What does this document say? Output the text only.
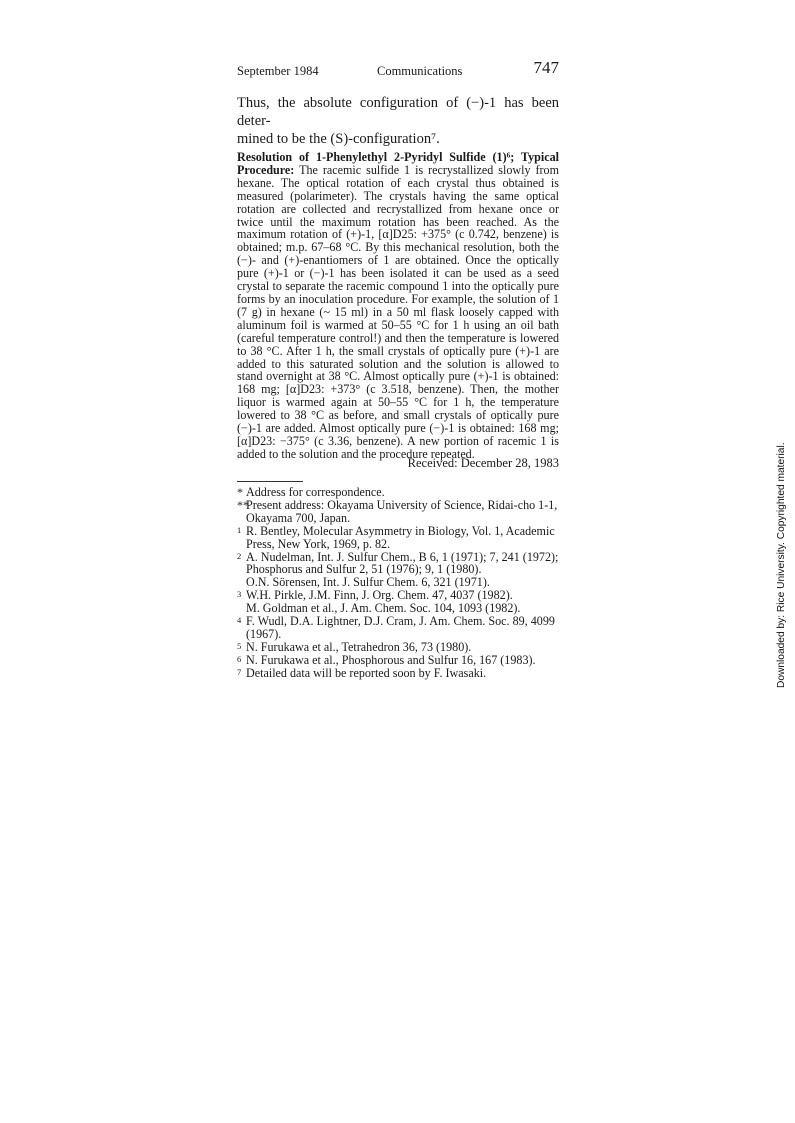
September 1984	Communications	747
Thus, the absolute configuration of (−)-1 has been deter-
mined to be the (S)-configuration⁷.
Resolution of 1-Phenylethyl 2-Pyridyl Sulfide (1)⁶; Typical Procedure: The racemic sulfide 1 is recrystallized slowly from hexane. The optical rotation of each crystal thus obtained is measured (polarimeter). The crystals having the same optical rotation are collected and recrystallized from hexane once or twice until the maximum rotation has been reached. As the maximum rotation of (+)-1, [α]D25: +375° (c 0.742, benzene) is obtained; m.p. 67–68 °C. By this mechanical resolution, both the (−)- and (+)-enantiomers of 1 are obtained. Once the optically pure (+)-1 or (−)-1 has been isolated it can be used as a seed crystal to separate the racemic compound 1 into the optically pure forms by an inoculation procedure. For example, the solution of 1 (7 g) in hexane (~ 15 ml) in a 50 ml flask loosely capped with aluminum foil is warmed at 50–55 °C for 1 h using an oil bath (careful temperature control!) and then the temperature is lowered to 38 °C. After 1 h, the small crystals of optically pure (+)-1 are added to this saturated solution and the solution is allowed to stand overnight at 38 °C. Almost optically pure (+)-1 is obtained: 168 mg; [α]D23: +373° (c 3.518, benzene). Then, the mother liquor is warmed again at 50–55 °C for 1 h, the temperature lowered to 38 °C as before, and small crystals of optically pure (−)-1 are added. Almost optically pure (−)-1 is obtained: 168 mg; [α]D23: −375° (c 3.36, benzene). A new portion of racemic 1 is added to the solution and the procedure repeated.
Received: December 28, 1983
* Address for correspondence.
**
Present address: Okayama University of Science, Ridai-cho 1-1,
Okayama 700, Japan.
1 R. Bentley, Molecular Asymmetry in Biology, Vol. 1, Academic
Press, New York, 1969, p. 82.
2 A. Nudelman, Int. J. Sulfur Chem., B 6, 1 (1971); 7, 241 (1972);
Phosphorus and Sulfur 2, 51 (1976); 9, 1 (1980).
O.N. Sörensen, Int. J. Sulfur Chem. 6, 321 (1971).
3 W.H. Pirkle, J.M. Finn, J. Org. Chem. 47, 4037 (1982).
M. Goldman et al., J. Am. Chem. Soc. 104, 1093 (1982).
4 F. Wudl, D.A. Lightner, D.J. Cram, J. Am. Chem. Soc. 89, 4099
(1967).
5 N. Furukawa et al., Tetrahedron 36, 73 (1980).
6 N. Furukawa et al., Phosphorous and Sulfur 16, 167 (1983).
7 Detailed data will be reported soon by F. Iwasaki.	Downloaded by: Rice University. Copyrighted material.
